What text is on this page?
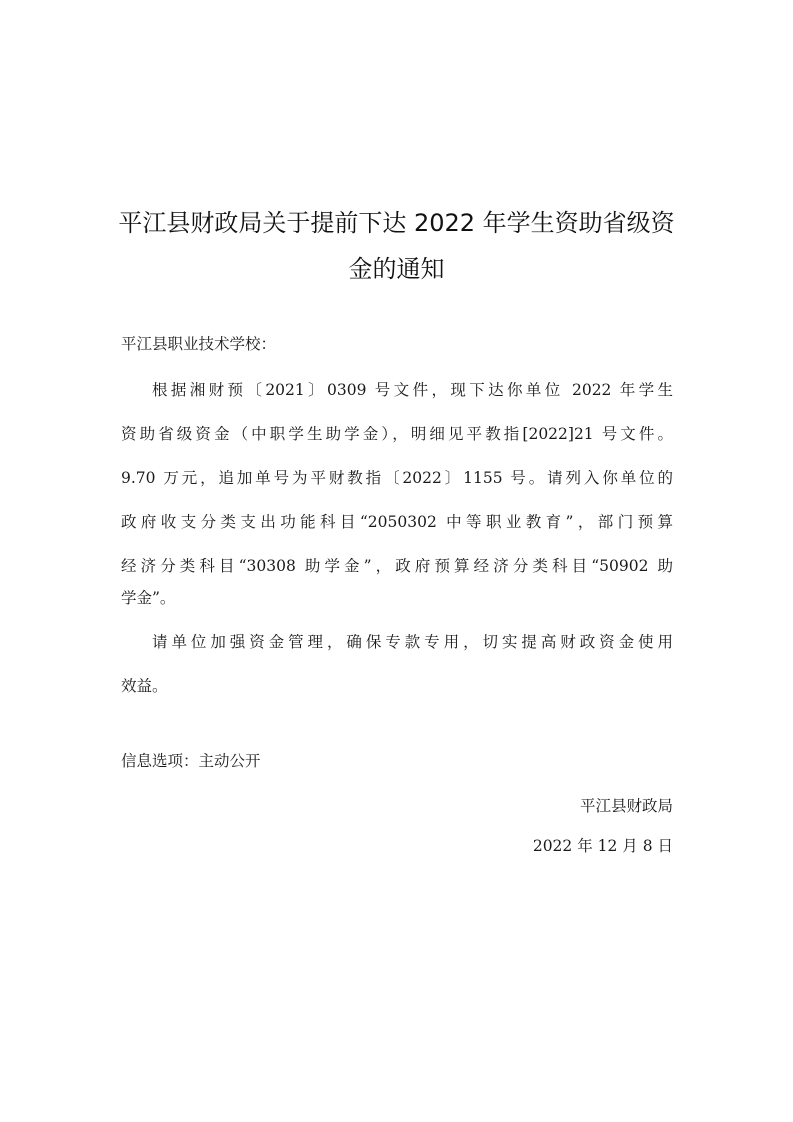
平江县财政局关于提前下达 2022 年学生资助省级资
金的通知
平江县职业技术学校：
根据湘财预〔2021〕0309 号文件，现下达你单位 2022 年学生
资助省级资金（中职学生助学金），明细见平教指[2022]21 号文件。
9.70 万元，追加单号为平财教指〔2022〕1155 号。请列入你单位的
政府收支分类支出功能科目“2050302 中等职业教育”，部门预算
经济分类科目“30308 助学金”，政府预算经济分类科目“50902 助
学金”。
请单位加强资金管理，确保专款专用，切实提高财政资金使用
效益。
信息选项：主动公开
平江县财政局
2022 年 12 月 8 日
